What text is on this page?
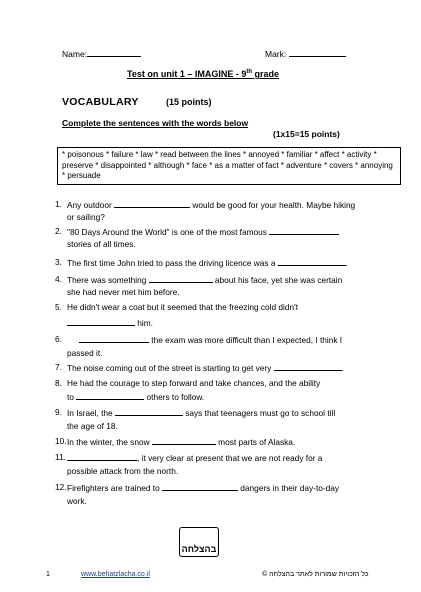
Name:	Mark:
Test on unit 1 – IMAGINE - 9th grade
VOCABULARY	(15 points)
Complete the sentences with the words below
(1x15=15 points)
* poisonous * failure * law * read between the lines * annoyed * familiar * affect * activity * preserve * disappointed * although * face * as a matter of fact * adventure * covers * annoying * persuade
1. Any outdoor	would be good for your health. Maybe hiking
or sailing?
2. "80 Days Around the World" is one of the most famous
stories of all times.
3. The first time John tried to pass the driving licence was a	.
4. There was something	about his face, yet she was certain
she had never met him before.
5. He didn't wear a coat but it seemed that the freezing cold didn't
him.
6.	the exam was more difficult than I expected, I think I
passed it.
7. The noise coming out of the street is starting to get very	.
8. He had the courage to step forward and take chances, and the ability
to	others to follow.
9. In Israel, the	says that teenagers must go to school till
the age of 18.
10. In the winter, the snow	most parts of Alaska.
11.	, it very clear at present that we are not ready for a
possible attack from the north.
12. Firefighters are trained to	dangers in their day-to-day
work.
בהצלחה
1	www.behatzlacha.co.il	כל הזכויות שמורות לאתר בהצלחה ©
